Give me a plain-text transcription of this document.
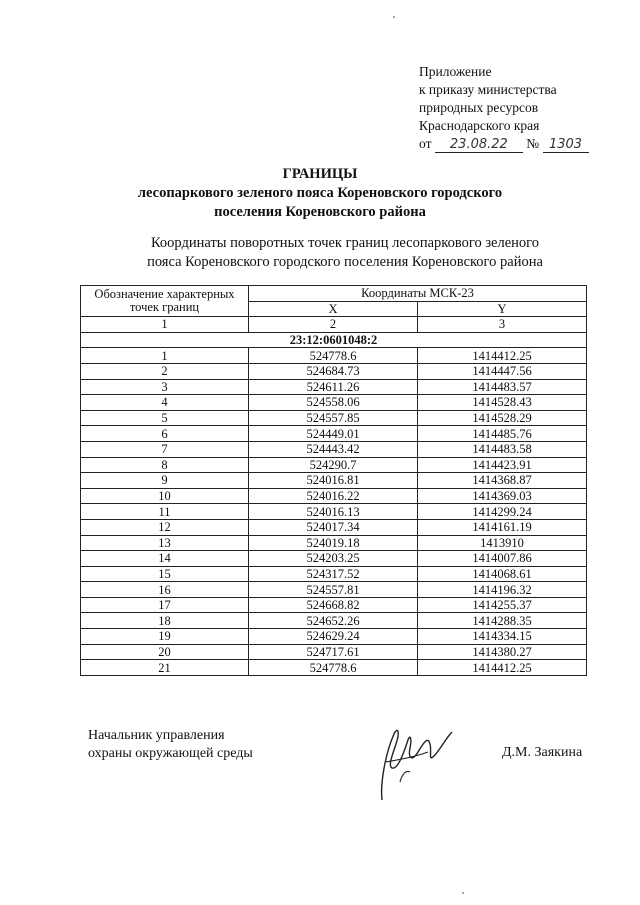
Приложение
к приказу министерства
природных ресурсов
Краснодарского края
от 23.08.22 № 1303
ГРАНИЦЫ
лесопаркового зеленого пояса Кореновского городского
поселения Кореновского района
Координаты поворотных точек границ лесопаркового зеленого
пояса Кореновского городского поселения Кореновского района
Обозначение характерных точек границ	Координаты МСК-23	
	X	Y
1	2	3
23:12:0601048:2		
1	524778.6	1414412.25
2	524684.73	1414447.56
3	524611.26	1414483.57
4	524558.06	1414528.43
5	524557.85	1414528.29
6	524449.01	1414485.76
7	524443.42	1414483.58
8	524290.7	1414423.91
9	524016.81	1414368.87
10	524016.22	1414369.03
11	524016.13	1414299.24
12	524017.34	1414161.19
13	524019.18	1413910
14	524203.25	1414007.86
15	524317.52	1414068.61
16	524557.81	1414196.32
17	524668.82	1414255.37
18	524652.26	1414288.35
19	524629.24	1414334.15
20	524717.61	1414380.27
21	524778.6	1414412.25
Начальник управления
охраны окружающей среды	Д.М. Заякина
